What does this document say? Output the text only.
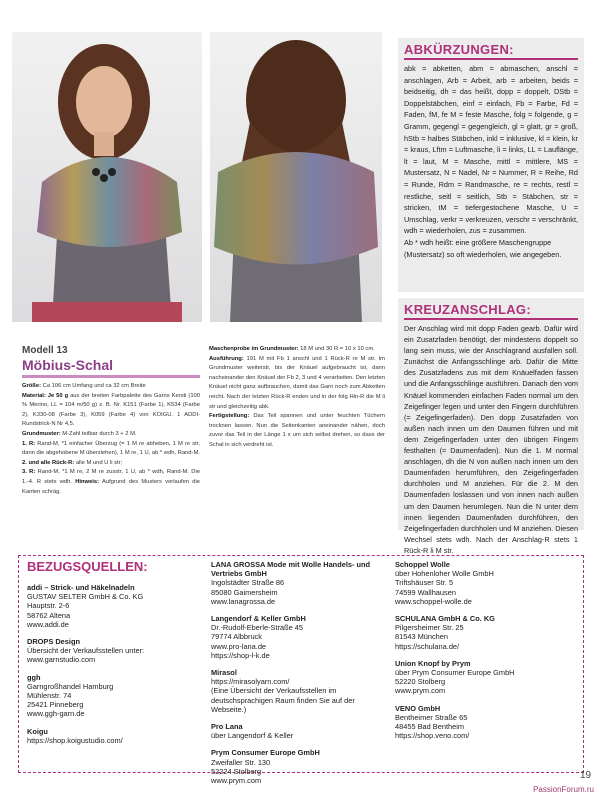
ABKÜRZUNGEN:

abk = abketten, abm = abmaschen, anschl = anschlagen, Arb = Arbeit, arb = arbeiten, beids = beidseitig, dh = das heißt, dopp = doppelt, DStb = Doppelstäbchen, einf = einfach, Fb = Farbe, Fd = Faden, fM, fe M = feste Masche, folg = folgende, g = Gramm, gegengl = gegengleich, gl = glatt, gr = groß, hStb = halbes Stäbchen, inkl = inklusive, kl = klein, kr = kraus, Lftm = Luftmasche, li = links, LL = Lauflänge, lt = laut, M = Masche, mittl = mittlere, MS = Mustersatz, N = Nadel, Nr = Nummer, R = Reihe, Rd = Runde, Rdm = Randmasche, re = rechts, restl = restliche, seitl = seitlich, Stb = Stäbchen, str = stricken, tM = tiefergestochene Masche, U = Umschlag, verkr = verkreuzen, verschr = verschränkt, wdh = wiederholen, zus = zusammen.

Ab * wdh heißt: eine größere Maschengruppe (Mustersatz) so oft wiederholen, wie angegeben.

KREUZANSCHLAG:

Der Anschlag wird mit dopp Faden gearb. Dafür wird ein Zusatzfaden benötigt, der mindestens doppelt so lang sein muss, wie der Anschlagrand ausfallen soll. Zunächst die Anfangsschlinge arb. Dafür die Mitte des Zusatzfadens zus mit dem Knäuelfaden fassen und die Anfangsschlinge ausführen. Danach den vom Knäuel kommenden einfachen Faden normal um den Zeigefinger legen und unter den Fingern durchführen (= Zeigefingerfaden). Den dopp Zusatzfaden von außen nach innen um den Daumen führen und mit dem Zeigefingerfaden unter den übrigen Fingern festhalten (= Daumenfaden). Nun die 1. M normal anschlagen, dh die N von außen nach innen um den Daumenfaden herumführen, den Zeigefingerfaden durchholen und M anziehen. Für die 2. M den Daumenfaden loslassen und von innen nach außen um den Daumen herumlegen. Nun die N unter dem innen liegenden Daumenfaden durchführen, den Zeigefingerfaden durchholen und M anziehen. Diesen Wechsel stets wdh. Nach der Anschlag-R stets 1 Rück-R li M str.

Modell 13

Möbius-Schal

Größe: Ca 106 cm Umfang und ca 32 cm Breite

Material: Je 50 g aus der breiten Farbpalette des Garns Kersti (100 % Merino, LL = 104 m/50 g) z. B. Nr. K151 (Farbe 1), K534 (Farbe 2), K330-08 (Farbe 3), K059 (Farbe 4) von KOIGU. 1 ADDI-Rundstrick-N Nr 4,5.

Grundmuster: M-Zahl teilbar durch 3 + 2 M.

1. R: Rand-M, *1 einfacher Überzug (= 1 M re abheben, 1 M re str, dann die abgehobene M überziehen), 1 M re, 1 U, ab * wdh, Rand-M.

2. und alle Rück-R: alle M und U li str;

3. R: Rand-M, *1 M re, 2 M re zusstr, 1 U, ab * wdh, Rand-M. Die 1.-4. R stets wdh. Hinweis: Aufgrund des Musters verlaufen die Kanten schräg.

Maschenprobe im Grundmuster: 18 M und 30 R = 10 x 10 cm.

Ausführung: 191 M mit Fb 1 anschl und 1 Rück-R re M str. Im Grundmuster weiterstr, bis der Knäuel aufgebraucht ist, dann nacheinander den Knäuel der Fb 2, 3 und 4 verarbeiten. Den letzten Knäuel nicht ganz aufbrauchen, damit das Garn noch zum Abketten reicht. Nach der letzten Rück-R enden und in der folg Hin-R die M li str und gleichzeitig abk.

Fertigstellung: Das Teil spannen und unter feuchten Tüchern trocknen lassen. Nun die Seitenkanten aneinander nähen, doch zuvor das Teil in der Länge 1 x um sich selbst drehen, so dass der Schal in sich verdreht ist.

BEZUGSQUELLEN:

addi – Strick- und Häkelnadeln
GUSTAV SELTER GmbH & Co. KG
Hauptstr. 2-6
58762 Altena
www.addi.de
DROPS Design
Übersicht der Verkaufsstellen unter:
www.garnstudio.com
ggh
Garngroßhandel Hamburg
Mühlenstr. 74
25421 Pinneberg
www.ggh-garn.de
Koigu
https://shop.koigustudio.com/
LANA GROSSA Mode mit Wolle Handels- und Vertriebs GmbH
Ingolstädter Straße 86
85080 Gaimersheim
www.lanagrossa.de
Langendorf & Keller GmbH
Dr.-Rudolf-Eberle-Straße 45
79774 Albbruck
www.pro-lana.de
https://shop-l-k.de
Mirasol
https://mirasolyarn.com/
(Eine Übersicht der Verkaufsstellen im deutschsprachigen Raum finden Sie auf der Webseite.)
Pro Lana
über Langendorf & Keller
Prym Consumer Europe GmbH
Zweifaller Str. 130
52224 Stolberg
www.prym.com
Schoppel Wolle
über Hohenloher Wolle GmbH
Triftshäuser Str. 5
74599 Wallhausen
www.schoppel-wolle.de
SCHULANA GmbH & Co. KG
Pilgersheimer Str. 25
81543 München
https://schulana.de/
Union Knopf by Prym
über Prym Consumer Europe GmbH
52220 Stolberg
www.prym.com
VENO GmbH
Bentheimer Straße 65
48455 Bad Bentheim
https://shop.veno.com/
19
PassionForum.ru
